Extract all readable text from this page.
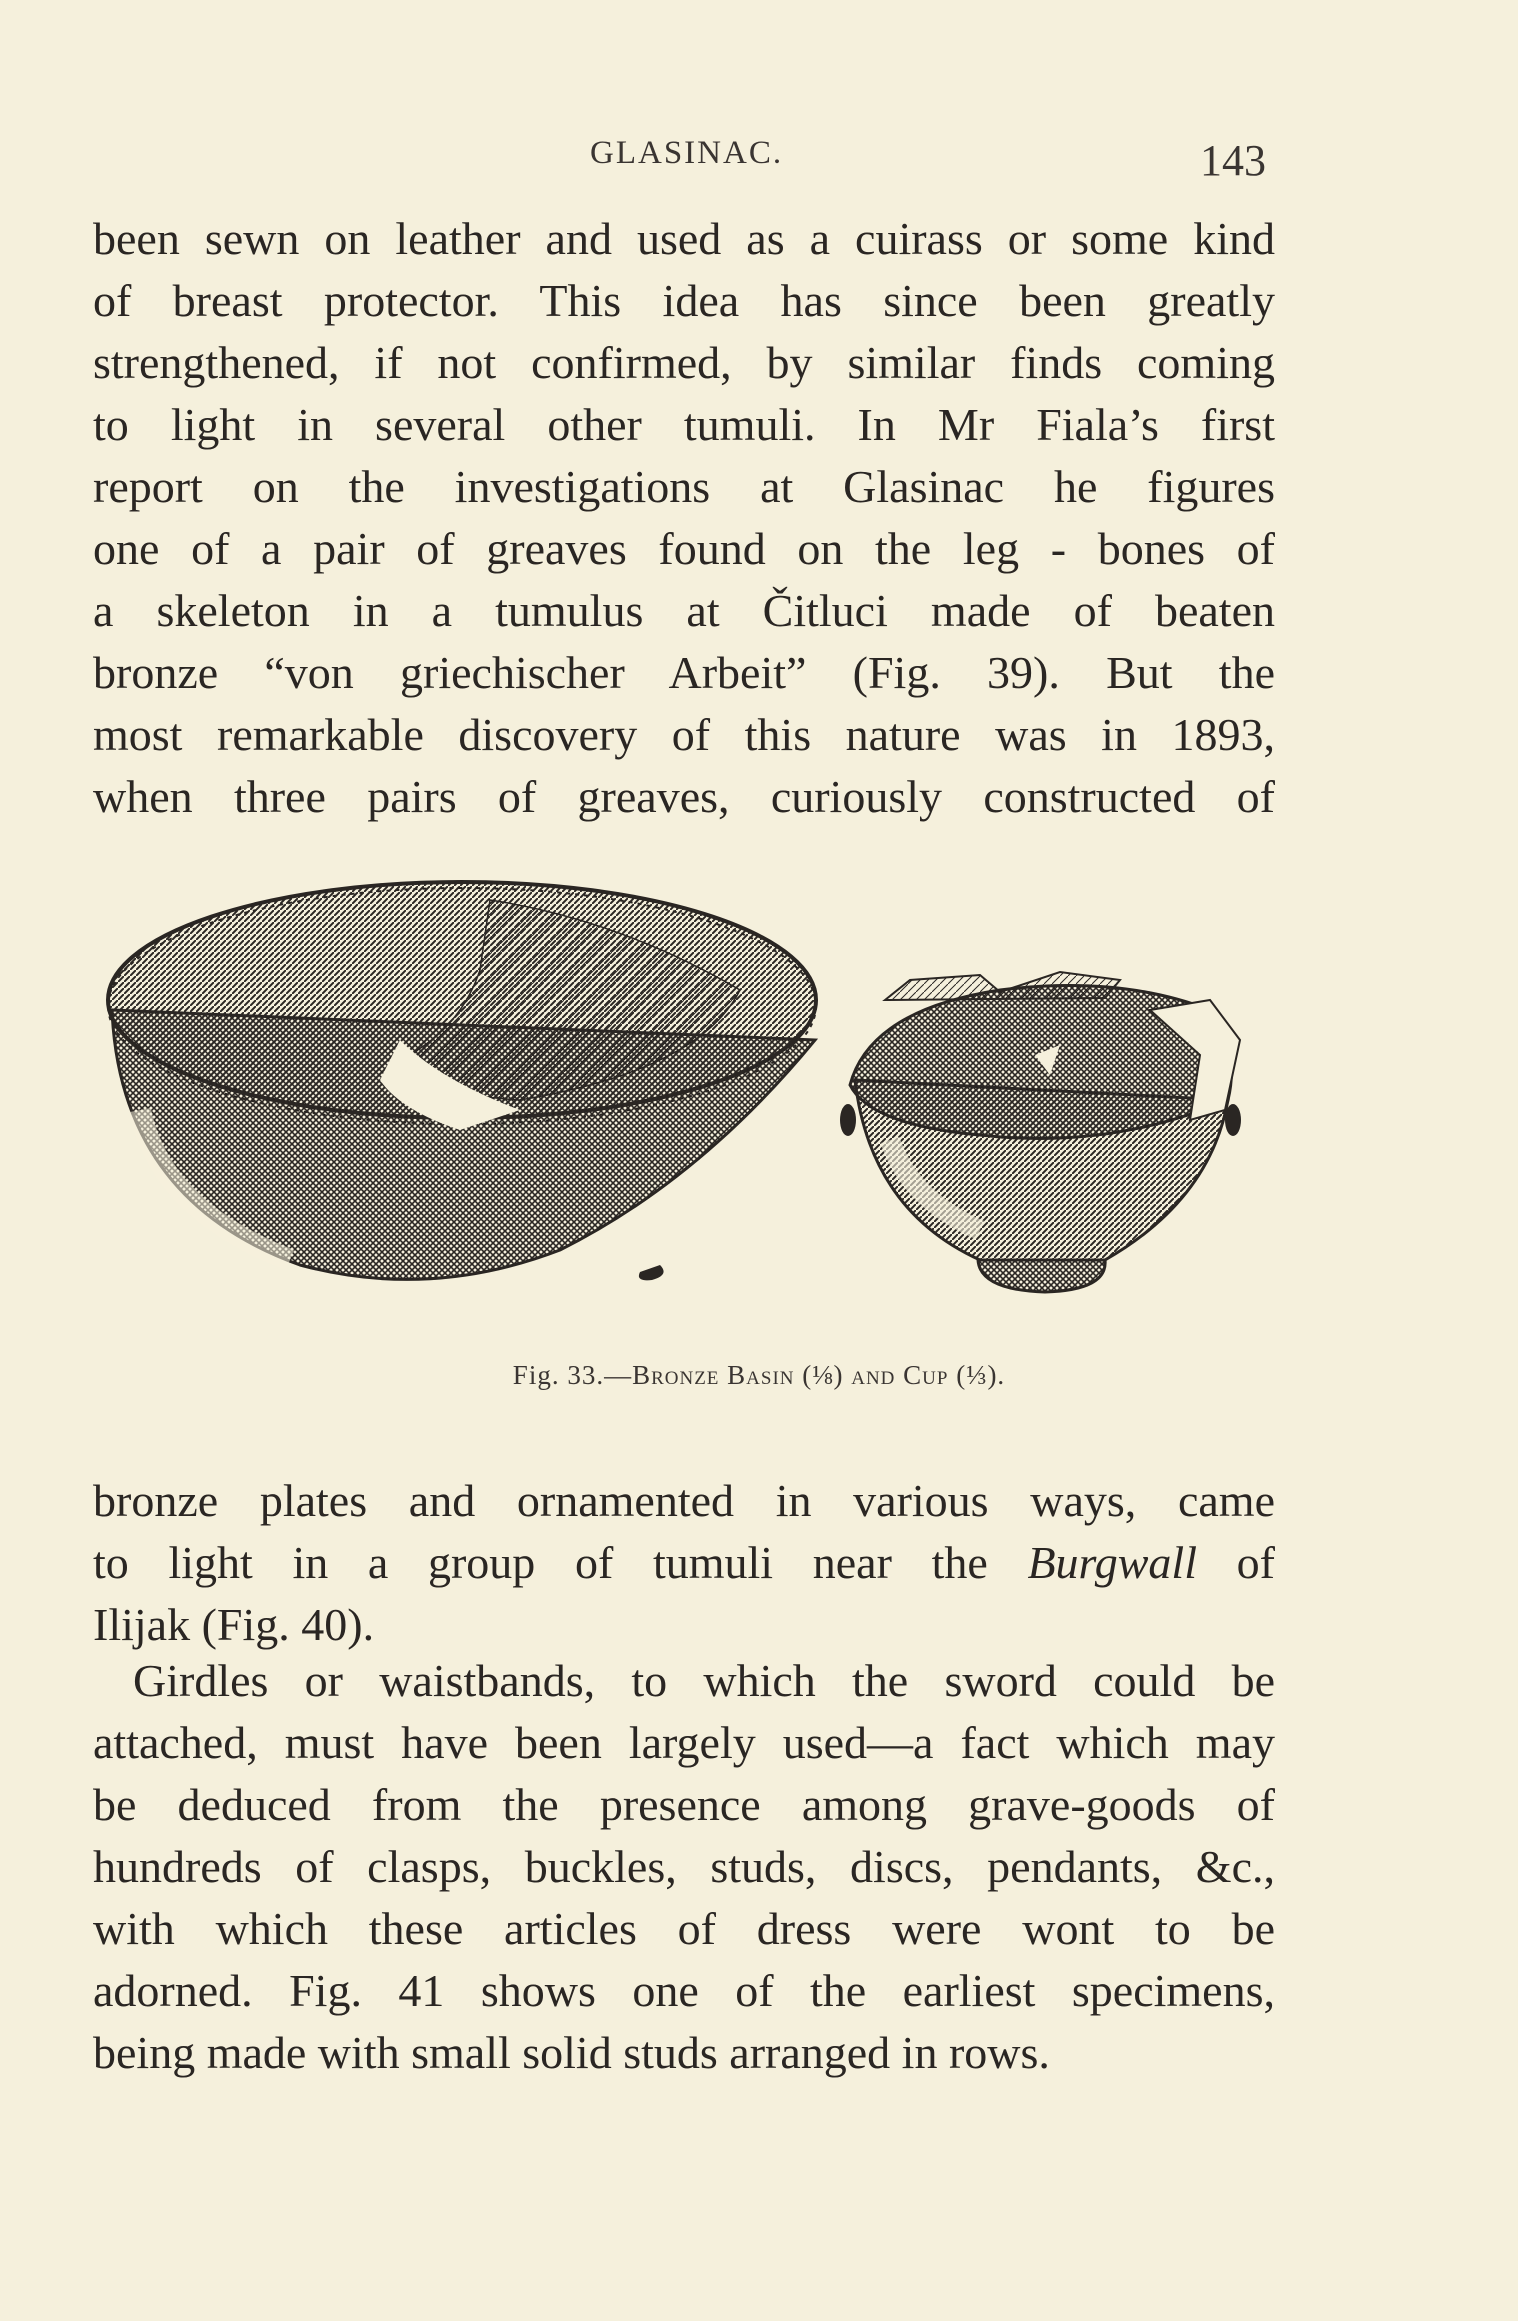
GLASINAC.	143
been sewn on leather and used as a cuirass or some kind
of breast protector. This idea has since been greatly
strengthened, if not confirmed, by similar finds coming
to light in several other tumuli. In Mr Fiala’s first
report on the investigations at Glasinac he figures
one of a pair of greaves found on the leg - bones of
a skeleton in a tumulus at Čitluci made of beaten
bronze “von griechischer Arbeit” (Fig. 39). But the
most remarkable discovery of this nature was in 1893,
when three pairs of greaves, curiously constructed of
Fig. 33.—Bronze Basin (⅛) and Cup (⅓).
bronze plates and ornamented in various ways, came
to light in a group of tumuli near the Burgwall of
Ilijak (Fig. 40).
Girdles or waistbands, to which the sword could be
attached, must have been largely used—a fact which may
be deduced from the presence among grave-goods of
hundreds of clasps, buckles, studs, discs, pendants, &c.,
with which these articles of dress were wont to be
adorned. Fig. 41 shows one of the earliest specimens,
being made with small solid studs arranged in rows.
